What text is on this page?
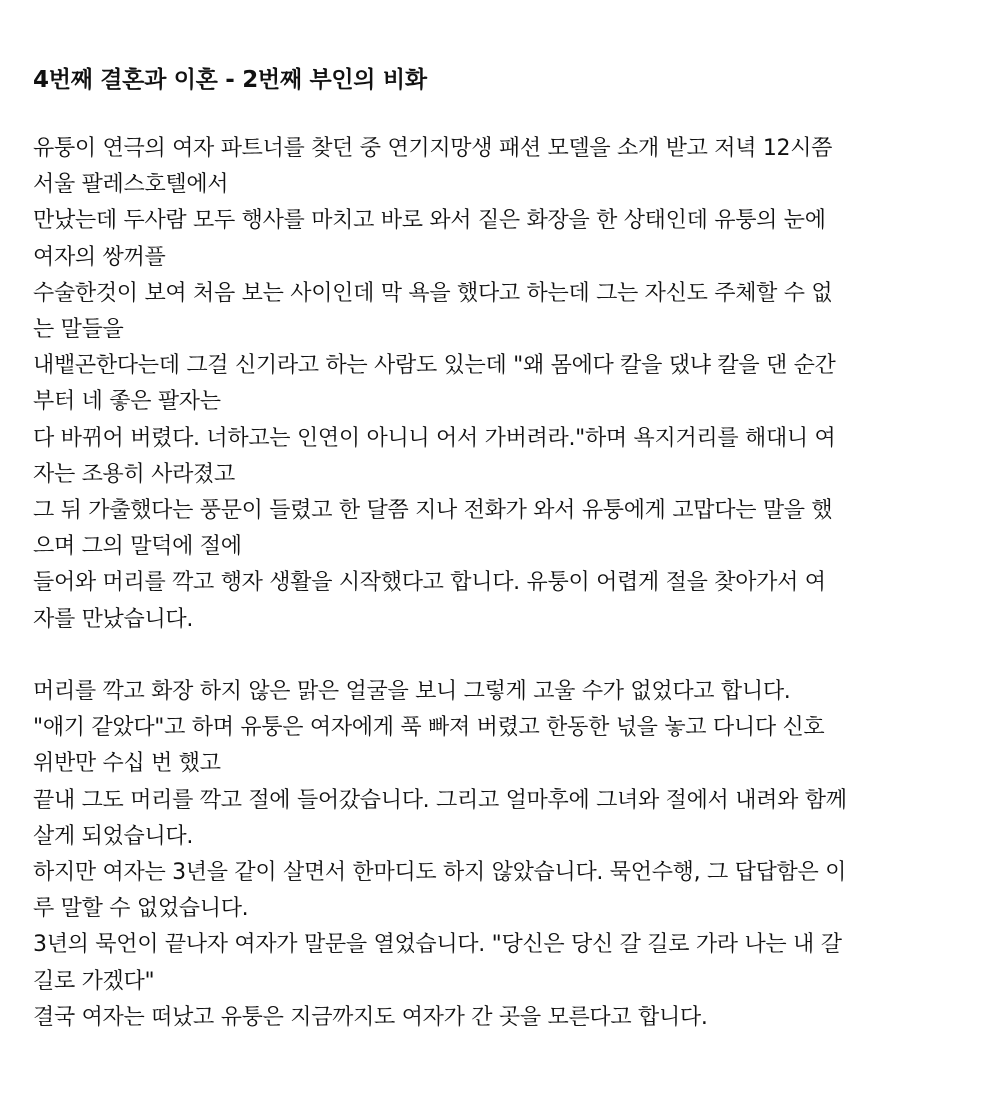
4번째 결혼과 이혼 - 2번째 부인의 비화
유퉁이 연극의 여자 파트너를 찾던 중 연기지망생 패션 모델을 소개 받고 저녁 12시쯤
서울 팔레스호텔에서
만났는데 두사람 모두 행사를 마치고 바로 와서 짙은 화장을 한 상태인데 유퉁의 눈에
여자의 쌍꺼플
수술한것이 보여 처음 보는 사이인데 막 욕을 했다고 하는데 그는 자신도 주체할 수 없
는 말들을
내뱉곤한다는데 그걸 신기라고 하는 사람도 있는데 "왜 몸에다 칼을 댔냐 칼을 댄 순간
부터 네 좋은 팔자는
다 바뀌어 버렸다. 너하고는 인연이 아니니 어서 가버려라."하며 욕지거리를 해대니 여
자는 조용히 사라졌고
그 뒤 가출했다는 풍문이 들렸고 한 달쯤 지나 전화가 와서 유퉁에게 고맙다는 말을 했
으며 그의 말덕에 절에
들어와 머리를 깍고 행자 생활을 시작했다고 합니다. 유퉁이 어렵게 절을 찾아가서 여
자를 만났습니다.
머리를 깍고 화장 하지 않은 맑은 얼굴을 보니 그렇게 고울 수가 없었다고 합니다.
"애기 같았다"고 하며 유퉁은 여자에게 푹 빠져 버렸고 한동한 넋을 놓고 다니다 신호
위반만 수십 번 했고
끝내 그도 머리를 깍고 절에 들어갔습니다. 그리고 얼마후에 그녀와 절에서 내려와 함께
살게 되었습니다.
하지만 여자는 3년을 같이 살면서 한마디도 하지 않았습니다. 묵언수행, 그 답답함은 이
루 말할 수 없었습니다.
3년의 묵언이 끝나자 여자가 말문을 열었습니다. "당신은 당신 갈 길로 가라 나는 내 갈
길로 가겠다"
결국 여자는 떠났고 유퉁은 지금까지도 여자가 간 곳을 모른다고 합니다.
